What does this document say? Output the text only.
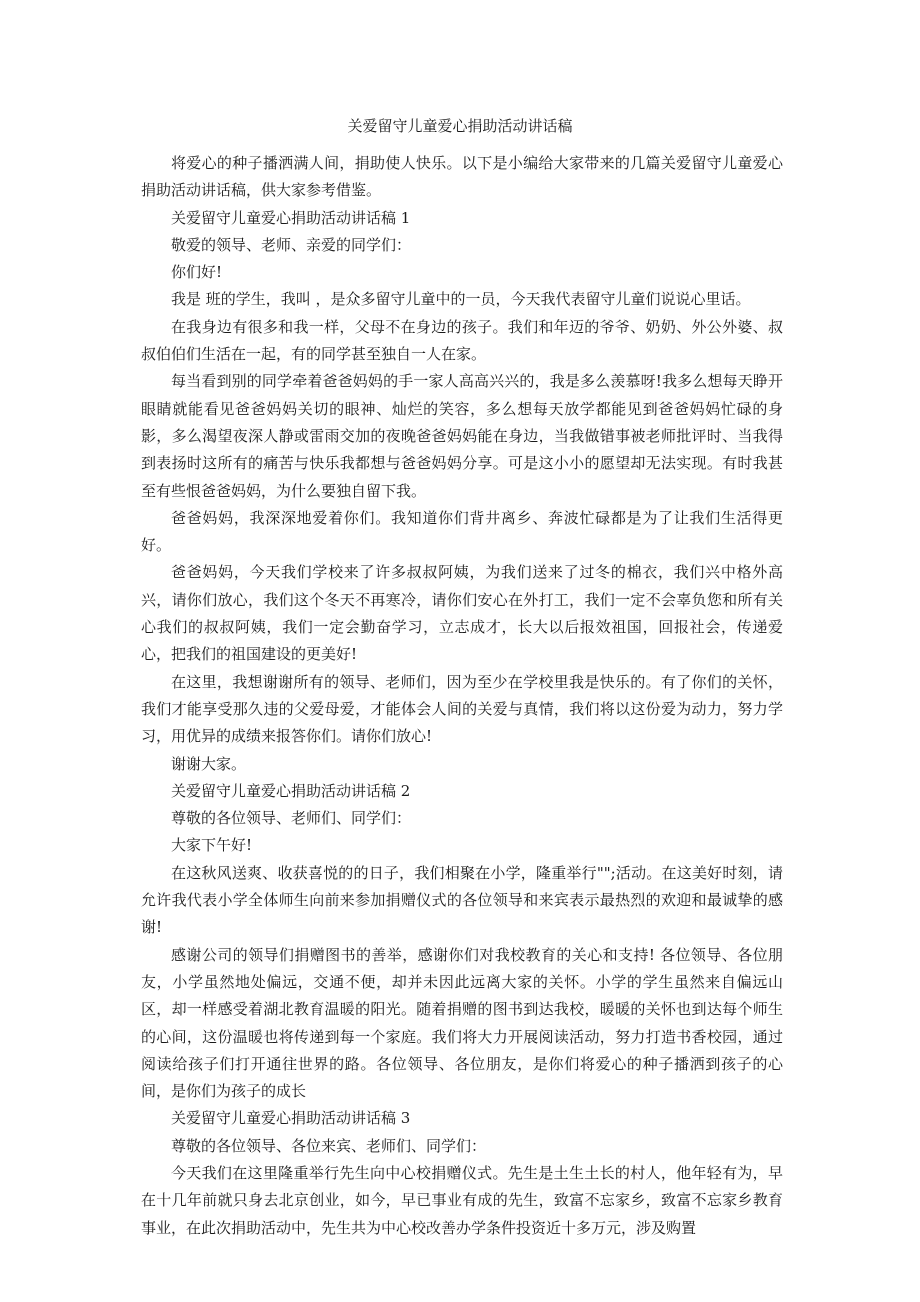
关爱留守儿童爱心捐助活动讲话稿

将爱心的种子播洒满人间，捐助使人快乐。以下是小编给大家带来的几篇关爱留守儿童爱心捐助活动讲话稿，供大家参考借鉴。

关爱留守儿童爱心捐助活动讲话稿 1

敬爱的领导、老师、亲爱的同学们：

你们好!

我是 班的学生，我叫 ，是众多留守儿童中的一员，今天我代表留守儿童们说说心里话。

在我身边有很多和我一样，父母不在身边的孩子。我们和年迈的爷爷、奶奶、外公外婆、叔叔伯伯们生活在一起，有的同学甚至独自一人在家。

每当看到别的同学牵着爸爸妈妈的手一家人高高兴兴的，我是多么羡慕呀!我多么想每天睁开眼睛就能看见爸爸妈妈关切的眼神、灿烂的笑容，多么想每天放学都能见到爸爸妈妈忙碌的身影，多么渴望夜深人静或雷雨交加的夜晚爸爸妈妈能在身边，当我做错事被老师批评时、当我得到表扬时这所有的痛苦与快乐我都想与爸爸妈妈分享。可是这小小的愿望却无法实现。有时我甚至有些恨爸爸妈妈，为什么要独自留下我。

爸爸妈妈，我深深地爱着你们。我知道你们背井离乡、奔波忙碌都是为了让我们生活得更好。

爸爸妈妈，今天我们学校来了许多叔叔阿姨，为我们送来了过冬的棉衣，我们兴中格外高兴，请你们放心，我们这个冬天不再寒冷，请你们安心在外打工，我们一定不会辜负您和所有关心我们的叔叔阿姨，我们一定会勤奋学习，立志成才，长大以后报效祖国，回报社会，传递爱心，把我们的祖国建设的更美好!

在这里，我想谢谢所有的领导、老师们，因为至少在学校里我是快乐的。有了你们的关怀，我们才能享受那久违的父爱母爱，才能体会人间的关爱与真情，我们将以这份爱为动力，努力学习，用优异的成绩来报答你们。请你们放心!

谢谢大家。

关爱留守儿童爱心捐助活动讲话稿 2

尊敬的各位领导、老师们、同学们：

大家下午好!

在这秋风送爽、收获喜悦的的日子，我们相聚在小学，隆重举行"";活动。在这美好时刻，请允许我代表小学全体师生向前来参加捐赠仪式的各位领导和来宾表示最热烈的欢迎和最诚挚的感谢!

感谢公司的领导们捐赠图书的善举，感谢你们对我校教育的关心和支持! 各位领导、各位朋友，小学虽然地处偏远，交通不便，却并未因此远离大家的关怀。小学的学生虽然来自偏远山区，却一样感受着湖北教育温暖的阳光。随着捐赠的图书到达我校，暖暖的关怀也到达每个师生的心间，这份温暖也将传递到每一个家庭。我们将大力开展阅读活动，努力打造书香校园，通过阅读给孩子们打开通往世界的路。各位领导、各位朋友，是你们将爱心的种子播洒到孩子的心间，是你们为孩子的成长

关爱留守儿童爱心捐助活动讲话稿 3

尊敬的各位领导、各位来宾、老师们、同学们：

今天我们在这里隆重举行先生向中心校捐赠仪式。先生是土生土长的村人，他年轻有为，早在十几年前就只身去北京创业，如今，早已事业有成的先生，致富不忘家乡，致富不忘家乡教育事业，在此次捐助活动中，先生共为中心校改善办学条件投资近十多万元，涉及购置
